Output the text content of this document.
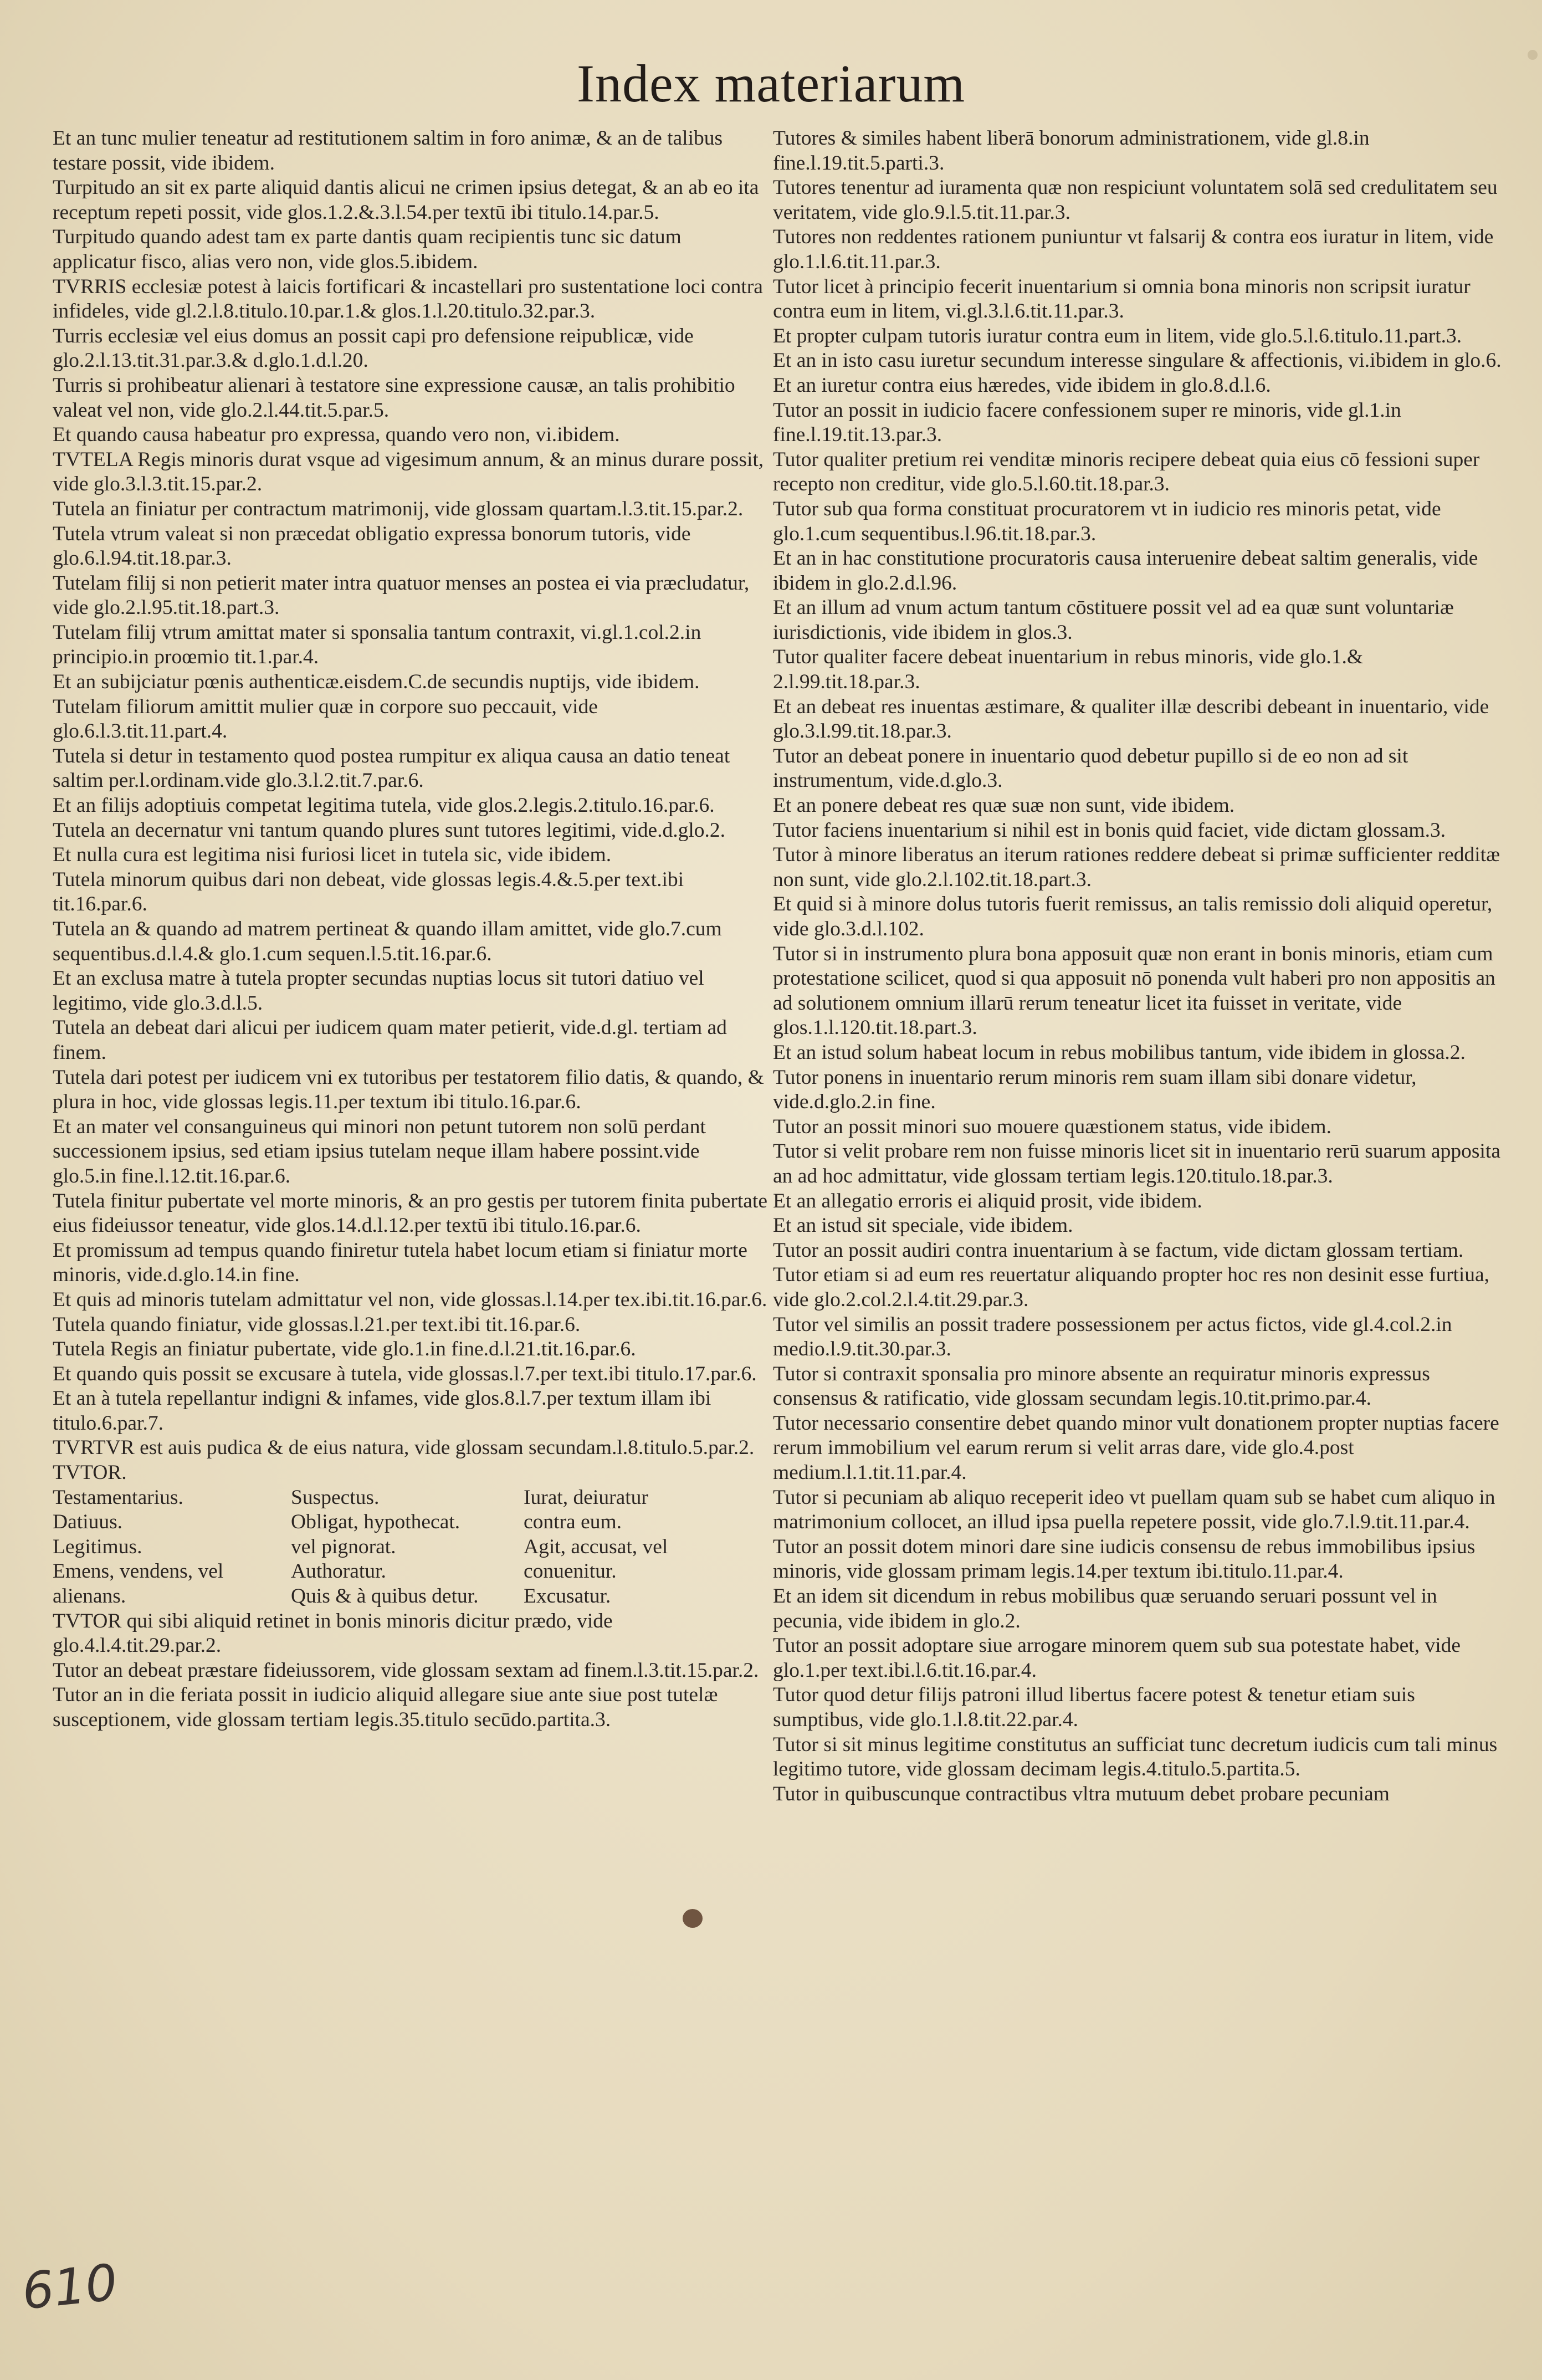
Index materiarum
Et an tunc mulier teneatur ad restitutionem saltim in foro animæ, & an de talibus testare possit, vide ibidem.
Turpitudo an sit ex parte aliquid dantis alicui ne crimen ipsius detegat, & an ab eo ita receptum repeti possit, vide glos.1.2.&.3.l.54.per textū ibi titulo.14.par.5.
Turpitudo quando adest tam ex parte dantis quam recipientis tunc sic datum applicatur fisco, alias vero non, vide glos.5.ibidem.
TVRRIS ecclesiæ potest à laicis fortificari & incastellari pro sustentatione loci contra infideles, vide gl.2.l.8.titulo.10.par.1.& glos.1.l.20.titulo.32.par.3.
Turris ecclesiæ vel eius domus an possit capi pro defensione reipublicæ, vide glo.2.l.13.tit.31.par.3.& d.glo.1.d.l.20.
Turris si prohibeatur alienari à testatore sine expressione causæ, an talis prohibitio valeat vel non, vide glo.2.l.44.tit.5.par.5.
Et quando causa habeatur pro expressa, quando vero non, vi.ibidem.
TVTELA Regis minoris durat vsque ad vigesimum annum, & an minus durare possit, vide glo.3.l.3.tit.15.par.2.
Tutela an finiatur per contractum matrimonij, vide glossam quartam.l.3.tit.15.par.2.
Tutela vtrum valeat si non præcedat obligatio expressa bonorum tutoris, vide glo.6.l.94.tit.18.par.3.
Tutelam filij si non petierit mater intra quatuor menses an postea ei via præcludatur, vide glo.2.l.95.tit.18.part.3.
Tutelam filij vtrum amittat mater si sponsalia tantum contraxit, vi.gl.1.col.2.in principio.in proœmio tit.1.par.4.
Et an subijciatur pœnis authenticæ.eisdem.C.de secundis nuptijs, vide ibidem.
Tutelam filiorum amittit mulier quæ in corpore suo peccauit, vide glo.6.l.3.tit.11.part.4.
Tutela si detur in testamento quod postea rumpitur ex aliqua causa an datio teneat saltim per.l.ordinam.vide glo.3.l.2.tit.7.par.6.
Et an filijs adoptiuis competat legitima tutela, vide glos.2.legis.2.titulo.16.par.6.
Tutela an decernatur vni tantum quando plures sunt tutores legitimi, vide.d.glo.2.
Et nulla cura est legitima nisi furiosi licet in tutela sic, vide ibidem.
Tutela minorum quibus dari non debeat, vide glossas legis.4.&.5.per text.ibi tit.16.par.6.
Tutela an & quando ad matrem pertineat & quando illam amittet, vide glo.7.cum sequentibus.d.l.4.& glo.1.cum sequen.l.5.tit.16.par.6.
Et an exclusa matre à tutela propter secundas nuptias locus sit tutori datiuo vel legitimo, vide glo.3.d.l.5.
Tutela an debeat dari alicui per iudicem quam mater petierit, vide.d.gl. tertiam ad finem.
Tutela dari potest per iudicem vni ex tutoribus per testatorem filio datis, & quando, & plura in hoc, vide glossas legis.11.per textum ibi titulo.16.par.6.
Et an mater vel consanguineus qui minori non petunt tutorem non solū perdant successionem ipsius, sed etiam ipsius tutelam neque illam habere possint.vide glo.5.in fine.l.12.tit.16.par.6.
Tutela finitur pubertate vel morte minoris, & an pro gestis per tutorem finita pubertate eius fideiussor teneatur, vide glos.14.d.l.12.per textū ibi titulo.16.par.6.
Et promissum ad tempus quando finiretur tutela habet locum etiam si finiatur morte minoris, vide.d.glo.14.in fine.
Et quis ad minoris tutelam admittatur vel non, vide glossas.l.14.per tex.ibi.tit.16.par.6.
Tutela quando finiatur, vide glossas.l.21.per text.ibi tit.16.par.6.
Tutela Regis an finiatur pubertate, vide glo.1.in fine.d.l.21.tit.16.par.6.
Et quando quis possit se excusare à tutela, vide glossas.l.7.per text.ibi titulo.17.par.6.
Et an à tutela repellantur indigni & infames, vide glos.8.l.7.per textum illam ibi titulo.6.par.7.
TVRTVR est auis pudica & de eius natura, vide glossam secundam.l.8.titulo.5.par.2.
TVTOR.
Testamentarius.	Suspectus.	Iurat, deiuratur
Datiuus.	Obligat, hypothecat.	contra eum.
Legitimus.	vel pignorat.	Agit, accusat, vel
Emens, vendens, vel	Authoratur.	conuenitur.
alienans.	Quis & à quibus detur.	Excusatur.
TVTOR qui sibi aliquid retinet in bonis minoris dicitur prædo, vide glo.4.l.4.tit.29.par.2.
Tutor an debeat præstare fideiussorem, vide glossam sextam ad finem.l.3.tit.15.par.2.
Tutor an in die feriata possit in iudicio aliquid allegare siue ante siue post tutelæ susceptionem, vide glossam tertiam legis.35.titulo secūdo.partita.3.
Tutores & similes habent liberā bonorum administrationem, vide gl.8.in fine.l.19.tit.5.parti.3.
Tutores tenentur ad iuramenta quæ non respiciunt voluntatem solā sed credulitatem seu veritatem, vide glo.9.l.5.tit.11.par.3.
Tutores non reddentes rationem puniuntur vt falsarij & contra eos iuratur in litem, vide glo.1.l.6.tit.11.par.3.
Tutor licet à principio fecerit inuentarium si omnia bona minoris non scripsit iuratur contra eum in litem, vi.gl.3.l.6.tit.11.par.3.
Et propter culpam tutoris iuratur contra eum in litem, vide glo.5.l.6.titulo.11.part.3.
Et an in isto casu iuretur secundum interesse singulare & affectionis, vi.ibidem in glo.6.
Et an iuretur contra eius hæredes, vide ibidem in glo.8.d.l.6.
Tutor an possit in iudicio facere confessionem super re minoris, vide gl.1.in fine.l.19.tit.13.par.3.
Tutor qualiter pretium rei venditæ minoris recipere debeat quia eius cō fessioni super recepto non creditur, vide glo.5.l.60.tit.18.par.3.
Tutor sub qua forma constituat procuratorem vt in iudicio res minoris petat, vide glo.1.cum sequentibus.l.96.tit.18.par.3.
Et an in hac constitutione procuratoris causa interuenire debeat saltim generalis, vide ibidem in glo.2.d.l.96.
Et an illum ad vnum actum tantum cōstituere possit vel ad ea quæ sunt voluntariæ iurisdictionis, vide ibidem in glos.3.
Tutor qualiter facere debeat inuentarium in rebus minoris, vide glo.1.& 2.l.99.tit.18.par.3.
Et an debeat res inuentas æstimare, & qualiter illæ describi debeant in inuentario, vide glo.3.l.99.tit.18.par.3.
Tutor an debeat ponere in inuentario quod debetur pupillo si de eo non ad sit instrumentum, vide.d.glo.3.
Et an ponere debeat res quæ suæ non sunt, vide ibidem.
Tutor faciens inuentarium si nihil est in bonis quid faciet, vide dictam glossam.3.
Tutor à minore liberatus an iterum rationes reddere debeat si primæ sufficienter redditæ non sunt, vide glo.2.l.102.tit.18.part.3.
Et quid si à minore dolus tutoris fuerit remissus, an talis remissio doli aliquid operetur, vide glo.3.d.l.102.
Tutor si in instrumento plura bona apposuit quæ non erant in bonis minoris, etiam cum protestatione scilicet, quod si qua apposuit nō ponenda vult haberi pro non appositis an ad solutionem omnium illarū rerum teneatur licet ita fuisset in veritate, vide glos.1.l.120.tit.18.part.3.
Et an istud solum habeat locum in rebus mobilibus tantum, vide ibidem in glossa.2.
Tutor ponens in inuentario rerum minoris rem suam illam sibi donare videtur, vide.d.glo.2.in fine.
Tutor an possit minori suo mouere quæstionem status, vide ibidem.
Tutor si velit probare rem non fuisse minoris licet sit in inuentario rerū suarum apposita an ad hoc admittatur, vide glossam tertiam legis.120.titulo.18.par.3.
Et an allegatio erroris ei aliquid prosit, vide ibidem.
Et an istud sit speciale, vide ibidem.
Tutor an possit audiri contra inuentarium à se factum, vide dictam glossam tertiam.
Tutor etiam si ad eum res reuertatur aliquando propter hoc res non desinit esse furtiua, vide glo.2.col.2.l.4.tit.29.par.3.
Tutor vel similis an possit tradere possessionem per actus fictos, vide gl.4.col.2.in medio.l.9.tit.30.par.3.
Tutor si contraxit sponsalia pro minore absente an requiratur minoris expressus consensus & ratificatio, vide glossam secundam legis.10.tit.primo.par.4.
Tutor necessario consentire debet quando minor vult donationem propter nuptias facere rerum immobilium vel earum rerum si velit arras dare, vide glo.4.post medium.l.1.tit.11.par.4.
Tutor si pecuniam ab aliquo receperit ideo vt puellam quam sub se habet cum aliquo in matrimonium collocet, an illud ipsa puella repetere possit, vide glo.7.l.9.tit.11.par.4.
Tutor an possit dotem minori dare sine iudicis consensu de rebus immobilibus ipsius minoris, vide glossam primam legis.14.per textum ibi.titulo.11.par.4.
Et an idem sit dicendum in rebus mobilibus quæ seruando seruari possunt vel in pecunia, vide ibidem in glo.2.
Tutor an possit adoptare siue arrogare minorem quem sub sua potestate habet, vide glo.1.per text.ibi.l.6.tit.16.par.4.
Tutor quod detur filijs patroni illud libertus facere potest & tenetur etiam suis sumptibus, vide glo.1.l.8.tit.22.par.4.
Tutor si sit minus legitime constitutus an sufficiat tunc decretum iudicis cum tali minus legitimo tutore, vide glossam decimam legis.4.titulo.5.partita.5.
Tutor in quibuscunque contractibus vltra mutuum debet probare pecuniam
610
